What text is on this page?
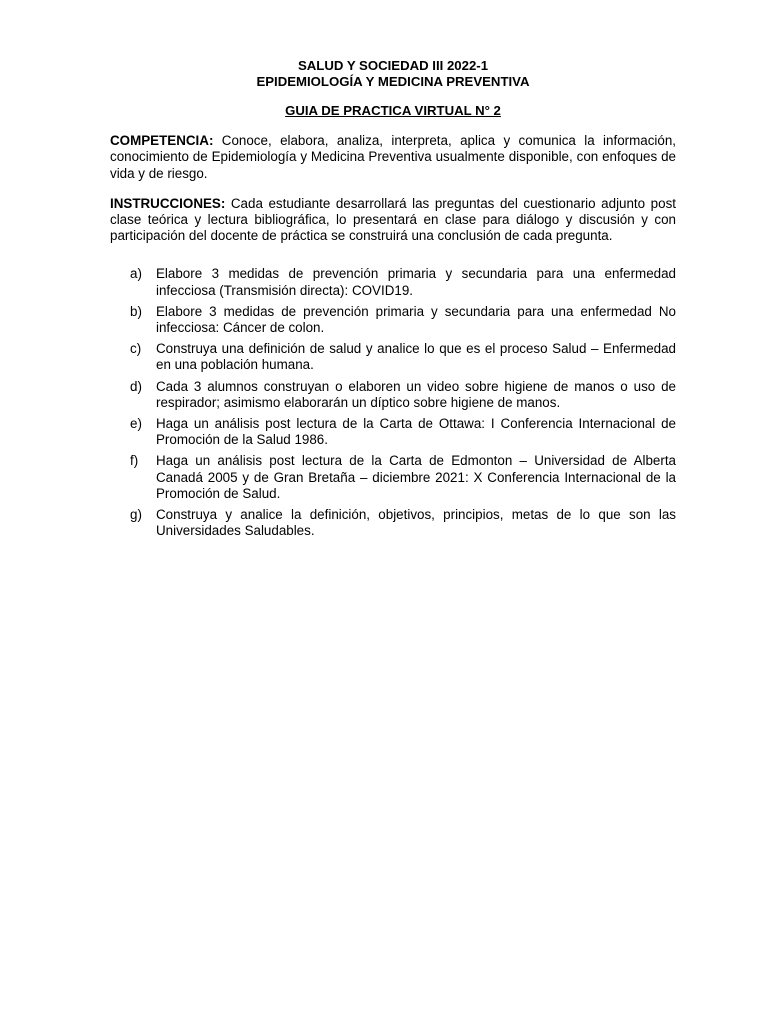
SALUD Y SOCIEDAD III 2022-1
EPIDEMIOLOGÍA Y MEDICINA PREVENTIVA
GUIA DE PRACTICA VIRTUAL N° 2
COMPETENCIA: Conoce, elabora, analiza, interpreta, aplica y comunica la información, conocimiento de Epidemiología y Medicina Preventiva usualmente disponible, con enfoques de vida y de riesgo.
INSTRUCCIONES: Cada estudiante desarrollará las preguntas del cuestionario adjunto post clase teórica y lectura bibliográfica, lo presentará en clase para diálogo y discusión y con participación del docente de práctica se construirá una conclusión de cada pregunta.
a)	Elabore 3 medidas de prevención primaria y secundaria para una enfermedad infecciosa (Transmisión directa): COVID19.
b)	Elabore 3 medidas de prevención primaria y secundaria para una enfermedad No infecciosa: Cáncer de colon.
c)	Construya una definición de salud y analice lo que es el proceso Salud – Enfermedad en una población humana.
d)	Cada 3 alumnos construyan o elaboren un video sobre higiene de manos o uso de respirador; asimismo elaborarán un díptico sobre higiene de manos.
e)	Haga un análisis post lectura de la Carta de Ottawa: I Conferencia Internacional de Promoción de la Salud 1986.
f)	Haga un análisis post lectura de la Carta de Edmonton – Universidad de Alberta Canadá 2005 y de Gran Bretaña – diciembre 2021: X Conferencia Internacional de la Promoción de Salud.
g)	Construya y analice la definición, objetivos, principios, metas de lo que son las Universidades Saludables.
